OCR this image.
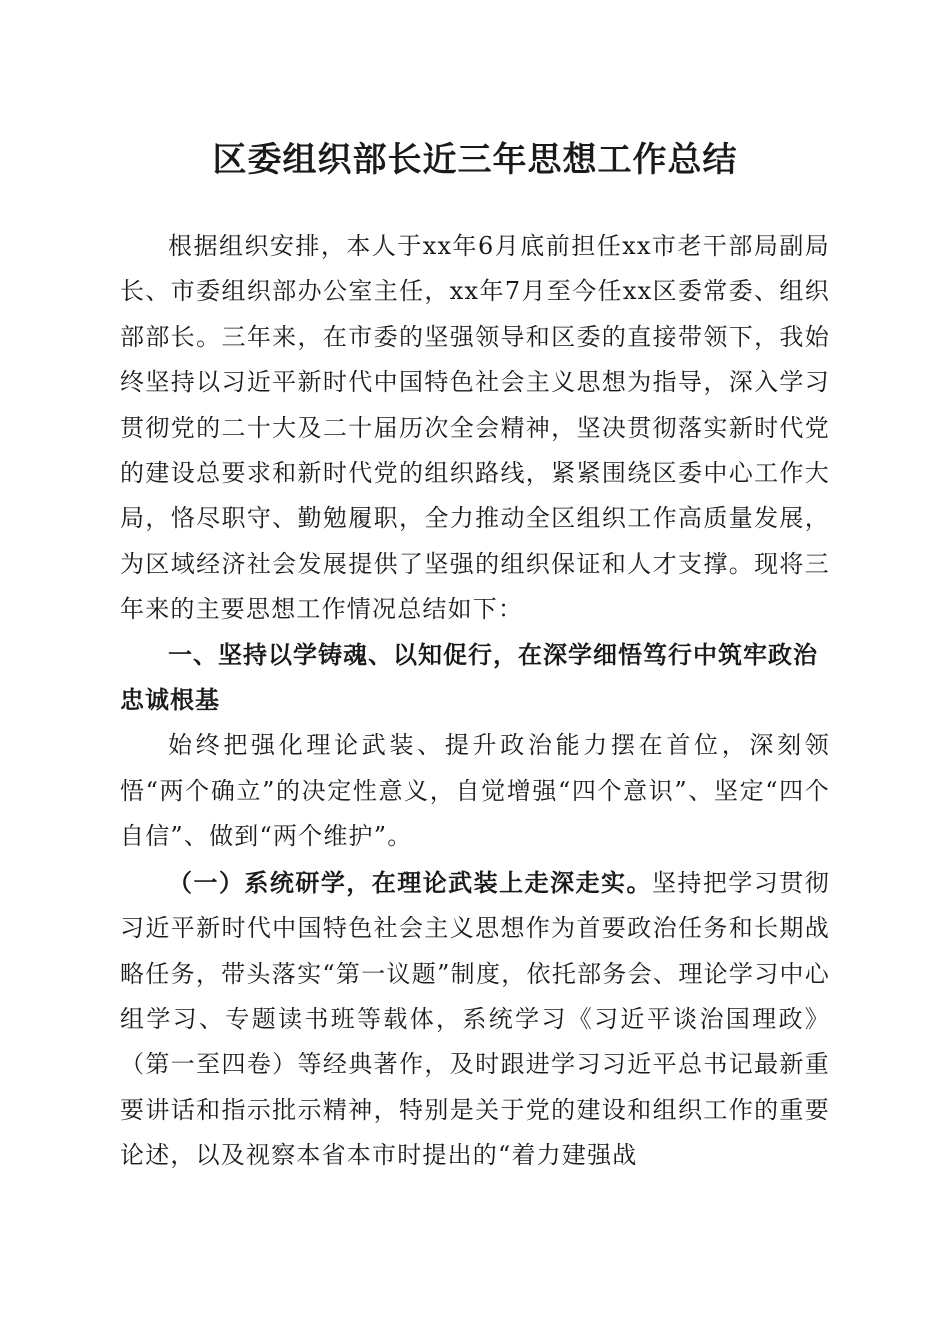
区委组织部长近三年思想工作总结

根据组织安排，本人于xx年6月底前担任xx市老干部局副局长、市委组织部办公室主任，xx年7月至今任xx区委常委、组织部部长。三年来，在市委的坚强领导和区委的直接带领下，我始终坚持以习近平新时代中国特色社会主义思想为指导，深入学习贯彻党的二十大及二十届历次全会精神，坚决贯彻落实新时代党的建设总要求和新时代党的组织路线，紧紧围绕区委中心工作大局，恪尽职守、勤勉履职，全力推动全区组织工作高质量发展，为区域经济社会发展提供了坚强的组织保证和人才支撑。现将三年来的主要思想工作情况总结如下：

一、坚持以学铸魂、以知促行，在深学细悟笃行中筑牢政治忠诚根基

始终把强化理论武装、提升政治能力摆在首位，深刻领悟“两个确立”的决定性意义，自觉增强“四个意识”、坚定“四个自信”、做到“两个维护”。

（一）系统研学，在理论武装上走深走实。坚持把学习贯彻习近平新时代中国特色社会主义思想作为首要政治任务和长期战略任务，带头落实“第一议题”制度，依托部务会、理论学习中心组学习、专题读书班等载体，系统学习《习近平谈治国理政》（第一至四卷）等经典著作，及时跟进学习习近平总书记最新重要讲话和指示批示精神，特别是关于党的建设和组织工作的重要论述，以及视察本省本市时提出的“着力建强战
